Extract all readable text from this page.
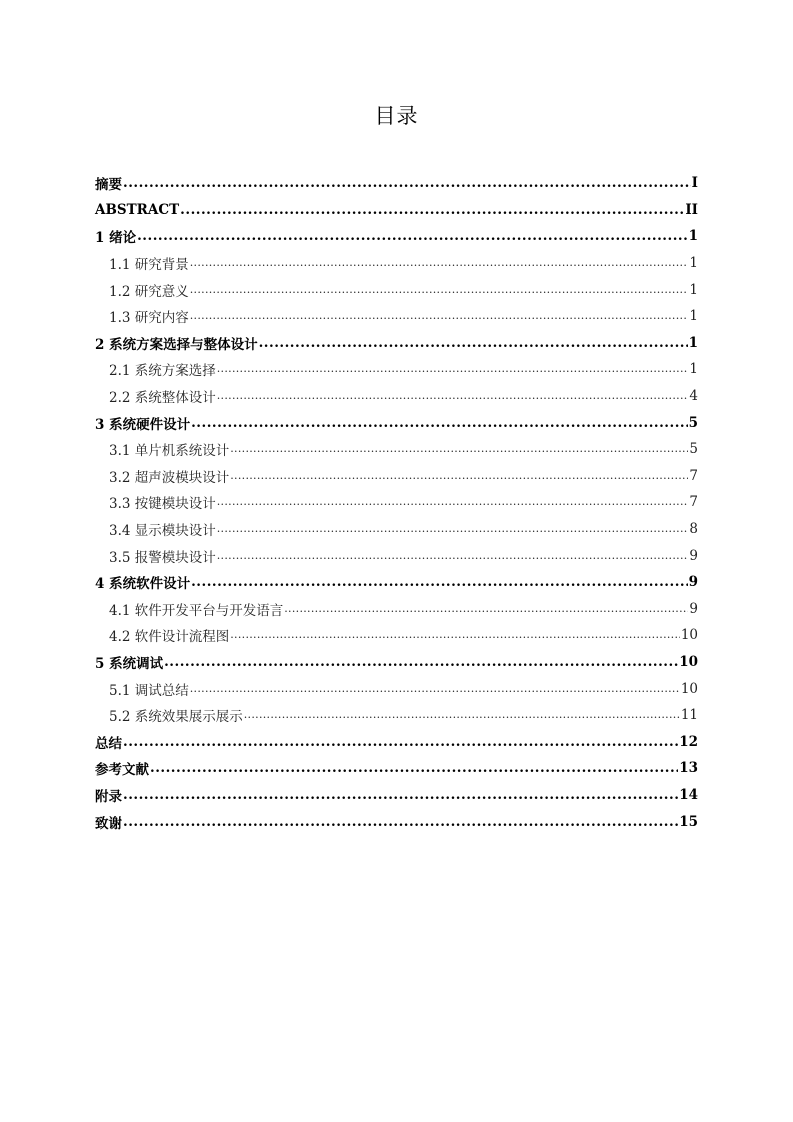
目录
摘要 .....	I
ABSTRACT .....	II
1 绪论 .....	1
1.1 研究背景 .....	1
1.2 研究意义 .....	1
1.3 研究内容 .....	1
2 系统方案选择与整体设计 .....	1
2.1 系统方案选择 .....	1
2.2 系统整体设计 .....	4
3 系统硬件设计 .....	5
3.1 单片机系统设计 .....	5
3.2 超声波模块设计 .....	7
3.3 按键模块设计 .....	7
3.4 显示模块设计 .....	8
3.5 报警模块设计 .....	9
4 系统软件设计 .....	9
4.1 软件开发平台与开发语言 .....	9
4.2 软件设计流程图 .....	10
5 系统调试 .....	10
5.1 调试总结 .....	10
5.2 系统效果展示展示 .....	11
总结 .....	12
参考文献 .....	13
附录 .....	14
致谢 .....	15
